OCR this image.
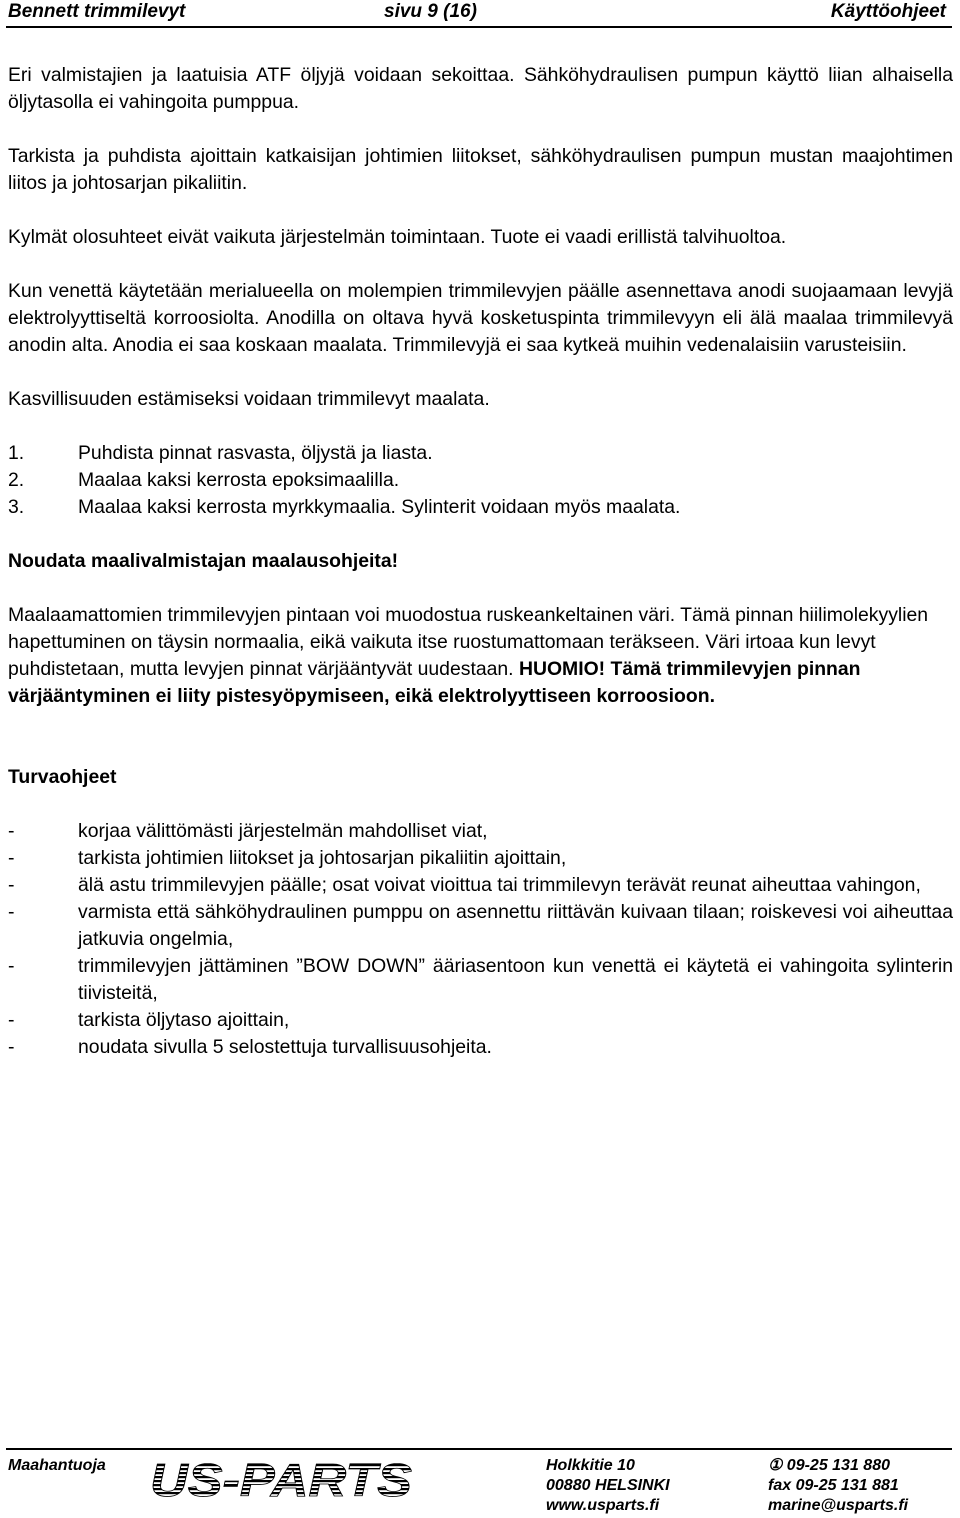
Bennett trimmilevyt	sivu 9 (16)	Käyttöohjeet

Eri valmistajien ja laatuisia ATF öljyjä voidaan sekoittaa. Sähköhydraulisen pumpun käyttö liian alhaisella öljytasolla ei vahingoita pumppua.

Tarkista ja puhdista ajoittain katkaisijan johtimien liitokset, sähköhydraulisen pumpun mustan maajohtimen liitos ja johtosarjan pikaliitin.

Kylmät olosuhteet eivät vaikuta järjestelmän toimintaan. Tuote ei vaadi erillistä talvihuoltoa.

Kun venettä käytetään merialueella on molempien trimmilevyjen päälle asennettava anodi suojaamaan levyjä elektrolyyttiseltä korroosiolta. Anodilla on oltava hyvä kosketuspinta trimmilevyyn eli älä maalaa trimmilevyä anodin alta. Anodia ei saa koskaan maalata. Trimmilevyjä ei saa kytkeä muihin vedenalaisiin varusteisiin.

Kasvillisuuden estämiseksi voidaan trimmilevyt maalata.

1.	Puhdista pinnat rasvasta, öljystä ja liasta.
2.	Maalaa kaksi kerrosta epoksimaalilla.
3.	Maalaa kaksi kerrosta myrkkymaalia. Sylinterit voidaan myös maalata.

Noudata maalivalmistajan maalausohjeita!

Maalaamattomien trimmilevyjen pintaan voi muodostua ruskeankeltainen väri. Tämä pinnan hiilimolekyylien hapettuminen on täysin normaalia, eikä vaikuta itse ruostumattomaan teräkseen. Väri irtoaa kun levyt puhdistetaan, mutta levyjen pinnat värjääntyvät uudestaan. HUOMIO! Tämä trimmilevyjen pinnan värjääntyminen ei liity pistesyöpymiseen, eikä elektrolyyttiseen korroosioon.

Turvaohjeet
-	korjaa välittömästi järjestelmän mahdolliset viat,
-	tarkista johtimien liitokset ja johtosarjan pikaliitin ajoittain,
-	älä astu trimmilevyjen päälle; osat voivat vioittua tai trimmilevyn terävät reunat aiheuttaa vahingon,
-	varmista että sähköhydraulinen pumppu on asennettu riittävän kuivaan tilaan; roiskevesi voi aiheuttaa jatkuvia ongelmia,
-	trimmilevyjen jättäminen ”BOW DOWN” ääriasentoon kun venettä ei käytetä ei vahingoita sylinterin tiivisteitä,
-	tarkista öljytaso ajoittain,
-	noudata sivulla 5 selostettuja turvallisuusohjeita.
Maahantuoja US-PARTS	Holkkitie 10
00880 HELSINKI
www.usparts.fi
① 09-25 131 880
fax 09-25 131 881
marine@usparts.fi
